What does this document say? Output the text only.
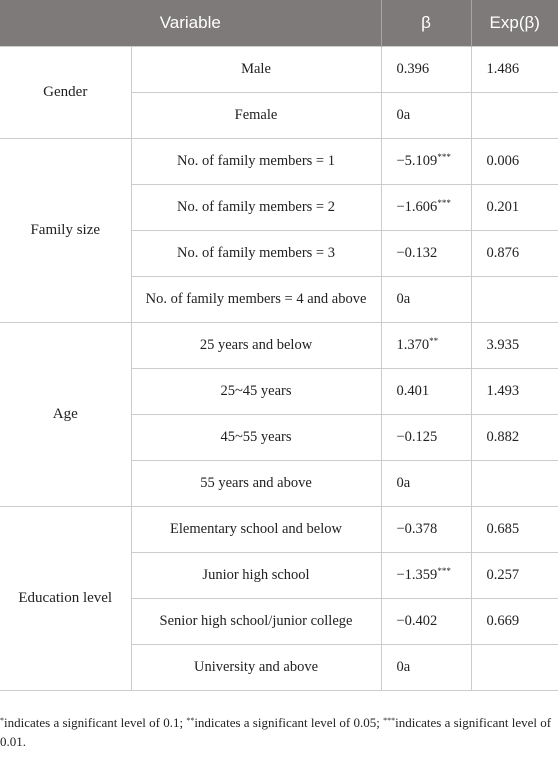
Variable		β	Exp(β)
Gender	Male	0.396	1.486
	Female	0a	
Family size	No. of family members = 1	−5.109***	0.006
	No. of family members = 2	−1.606***	0.201
	No. of family members = 3	−0.132	0.876
	No. of family members = 4 and above	0a	
Age	25 years and below	1.370**	3.935
	25~45 years	0.401	1.493
	45~55 years	−0.125	0.882
	55 years and above	0a	
Education level	Elementary school and below	−0.378	0.685
	Junior high school	−1.359***	0.257
	Senior high school/junior college	−0.402	0.669
	University and above	0a	
*indicates a significant level of 0.1; **indicates a significant level of 0.05; ***indicates a significant level of 0.01.
